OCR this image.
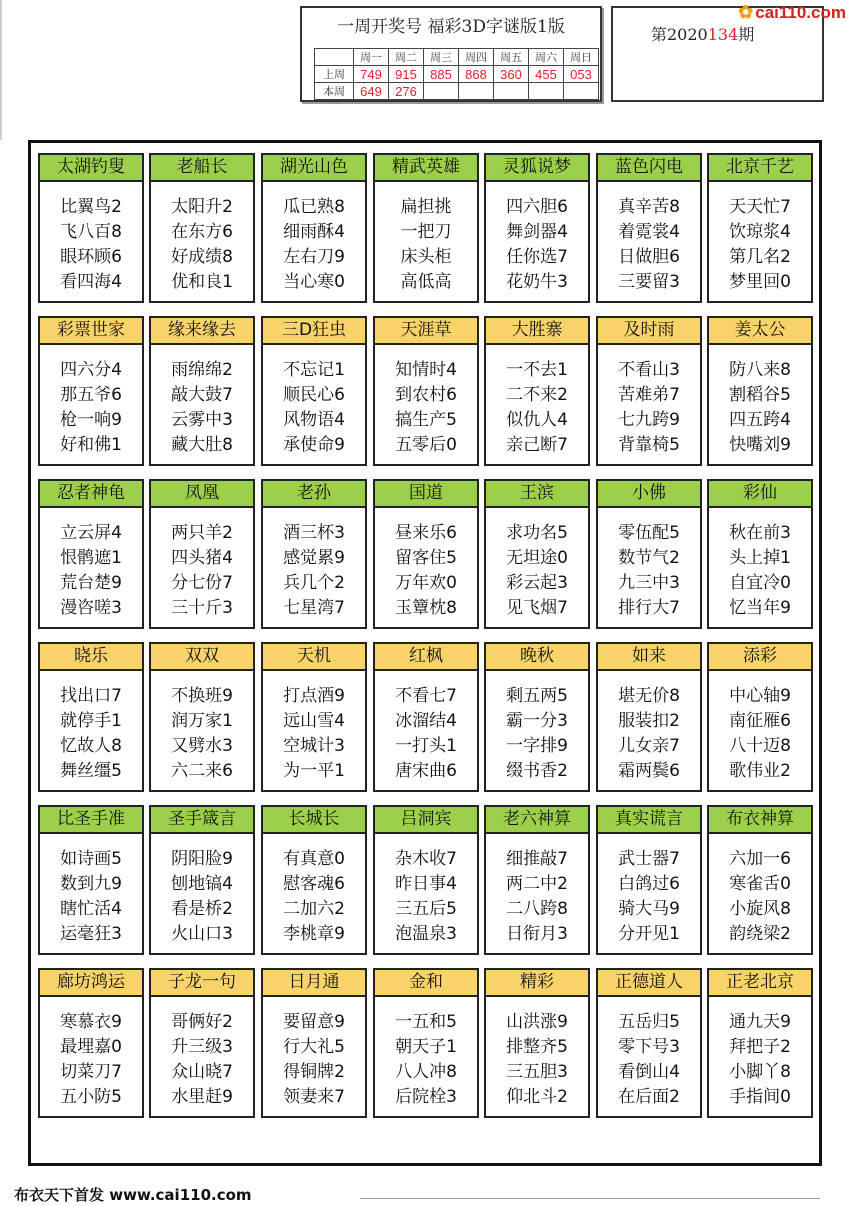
一周开奖号 福彩3D字谜版1版
	周一	周二	周三	周四	周五	周六	周日
上周	749	915	885	868	360	455	053
本周	649	276					
第2020134期
✿ cai110.com
太湖钓叟
比翼鸟2
飞八百8
眼环顾6
看四海4
老船长
太阳升2
在东方6
好成绩8
优和良1
湖光山色
瓜已熟8
细雨酥4
左右刀9
当心寒0
精武英雄
扁担挑
一把刀
床头柜
高低高
灵狐说梦
四六胆6
舞剑器4
任你选7
花奶牛3
蓝色闪电
真辛苦8
着霓裳4
日做胆6
三要留3
北京千艺
天天忙7
饮琼浆4
第几名2
梦里回0
彩票世家
四六分4
那五爷6
枪一响9
好和佛1
缘来缘去
雨绵绵2
敲大鼓7
云雾中3
藏大肚8
三D狂虫
不忘记1
顺民心6
风物语4
承使命9
天涯草
知情时4
到农村6
搞生产5
五零后0
大胜寨
一不去1
二不来2
似仇人4
亲己断7
及时雨
不看山3
苦难弟7
七九跨9
背靠椅5
姜太公
防八来8
割稻谷5
四五跨4
快嘴刘9
忍者神龟
立云屏4
恨鹘遮1
荒台楚9
漫咨嗟3
凤凰
两只羊2
四头猪4
分七份7
三十斤3
老孙
酒三杯3
感觉累9
兵几个2
七星湾7
国道
昼来乐6
留客住5
万年欢0
玉簟枕8
王滨
求功名5
无坦途0
彩云起3
见飞烟7
小佛
零伍配5
数节气2
九三中3
排行大7
彩仙
秋在前3
头上掉1
自宜冷0
忆当年9
晓乐
找出口7
就停手1
忆故人8
舞丝缰5
双双
不换班9
润万家1
又劈水3
六二来6
天机
打点酒9
远山雪4
空城计3
为一平1
红枫
不看七7
冰溜结4
一打头1
唐宋曲6
晚秋
剩五两5
霸一分3
一字排9
缀书香2
如来
堪无价8
服装扣2
儿女亲7
霜两鬓6
添彩
中心轴9
南征雁6
八十迈8
歌伟业2
比圣手准
如诗画5
数到九9
瞎忙活4
运毫狂3
圣手箴言
阴阳脸9
刨地镐4
看是桥2
火山口3
长城长
有真意0
慰客魂6
二加六2
李桃章9
吕洞宾
杂木收7
昨日事4
三五后5
泡温泉3
老六神算
细推敲7
两二中2
二八跨8
日衔月3
真实谎言
武士器7
白鸽过6
骑大马9
分开见1
布衣神算
六加一6
寒雀舌0
小旋风8
韵绕梁2
廊坊鸿运
寒慕衣9
最埋嘉0
切菜刀7
五小防5
子龙一句
哥俩好2
升三级3
众山晓7
水里赶9
日月通
要留意9
行大礼5
得铜牌2
领妻来7
金和
一五和5
朝天子1
八人冲8
后院栓3
精彩
山洪涨9
排整齐5
三五胆3
仰北斗2
正德道人
五岳归5
零下号3
看倒山4
在后面2
正老北京
通九天9
拜把子2
小脚丫8
手指间0
布衣天下首发 www.cai110.com
